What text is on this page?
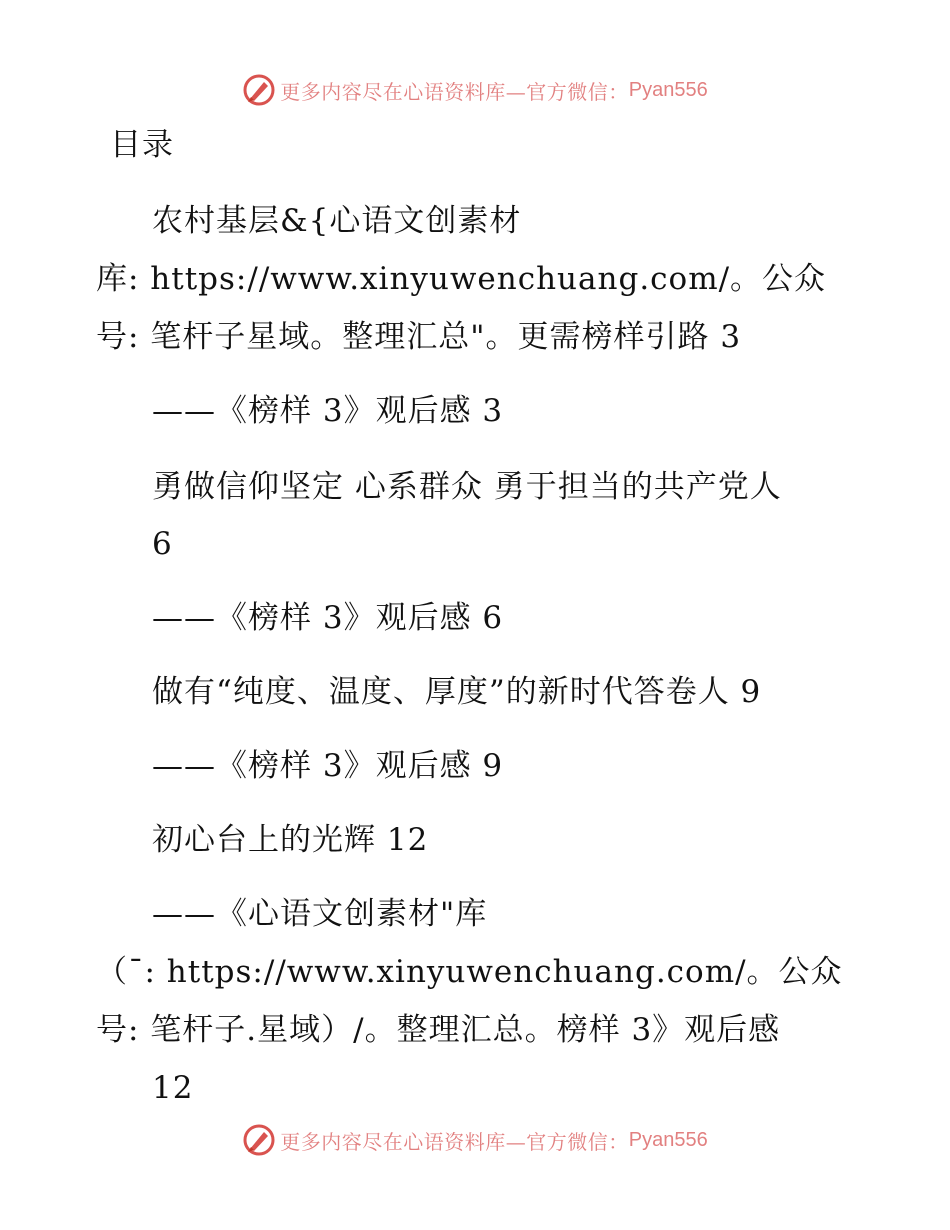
更多内容尽在心语资料库—官方微信： Pyan556
目录
农村基层&{心语文创素材
库: https://www.xinyuwenchuang.com/。公众
号: 笔杆子星域。整理汇总"。更需榜样引路 3
——《榜样 3》观后感 3
勇做信仰坚定 心系群众 勇于担当的共产党人
6
——《榜样 3》观后感 6
做有“纯度、温度、厚度”的新时代答卷人 9
——《榜样 3》观后感 9
初心台上的光辉 12
——《心语文创素材"库
（¯: https://www.xinyuwenchuang.com/。公众
号: 笔杆子.星域）/。整理汇总。榜样 3》观后感
12
更多内容尽在心语资料库—官方微信： Pyan556
